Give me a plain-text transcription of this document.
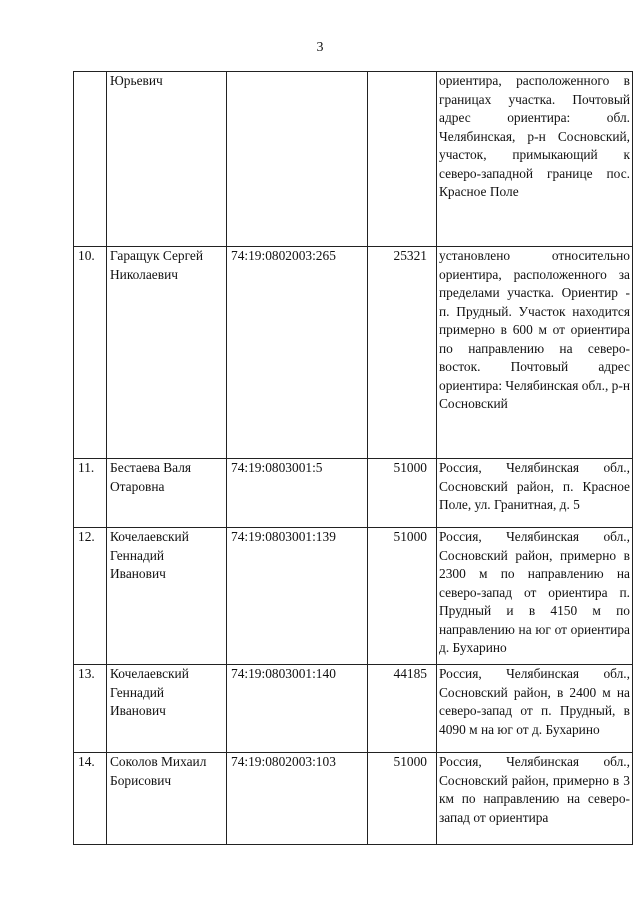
3
	Юрьевич			ориентира, расположенного в границах участка. Почтовый адрес ориентира: обл. Челябинская, р-н Сосновский, участок, примыкающий к северо-западной границе пос. Красное Поле
10.	Гаращук Сергей Николаевич	74:19:0802003:265	25321	установлено относительно ориентира, расположенного за пределами участка. Ориентир - п. Прудный. Участок находится примерно в 600 м от ориентира по направлению на северо-восток. Почтовый адрес ориентира: Челябинская обл., р-н Сосновский
11.	Бестаева Валя Отаровна	74:19:0803001:5	51000	Россия, Челябинская обл., Сосновский район, п. Красное Поле, ул. Гранитная, д. 5
12.	Кочелаевский Геннадий Иванович	74:19:0803001:139	51000	Россия, Челябинская обл., Сосновский район, примерно в 2300 м по направлению на северо-запад от ориентира п. Прудный и в 4150 м по направлению на юг от ориентира д. Бухарино
13.	Кочелаевский Геннадий Иванович	74:19:0803001:140	44185	Россия, Челябинская обл., Сосновский район, в 2400 м на северо-запад от п. Прудный, в 4090 м на юг от д. Бухарино
14.	Соколов Михаил Борисович	74:19:0802003:103	51000	Россия, Челябинская обл., Сосновский район, примерно в 3 км по направлению на северо-запад от ориентира
